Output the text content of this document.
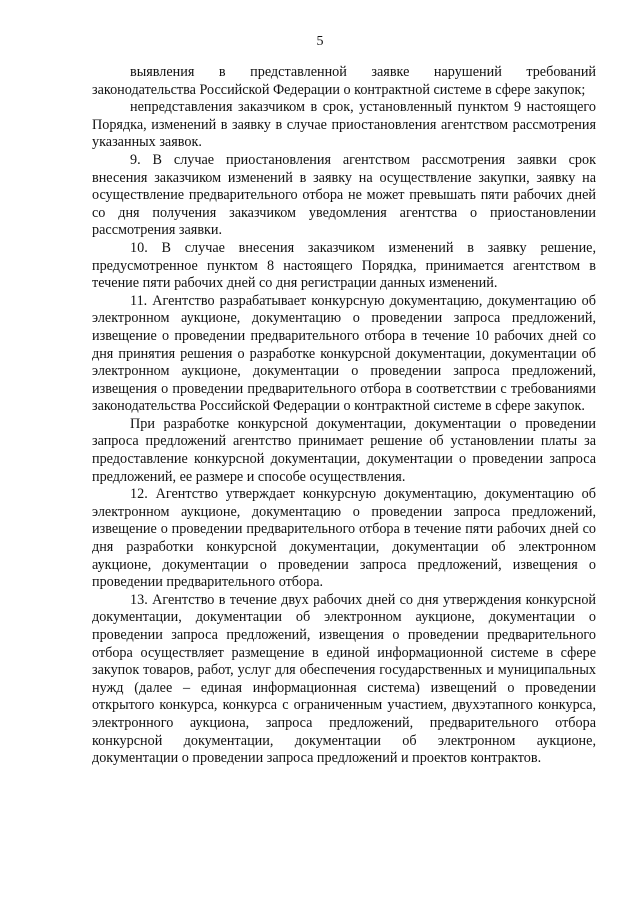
5

выявления в представленной заявке нарушений требований законодательства Российской Федерации о контрактной системе в сфере закупок;

непредставления заказчиком в срок, установленный пунктом 9 настоящего Порядка, изменений в заявку в случае приостановления агентством рассмотрения указанных заявок.

9. В случае приостановления агентством рассмотрения заявки срок внесения заказчиком изменений в заявку на осуществление закупки, заявку на осуществление предварительного отбора не может превышать пяти рабочих дней со дня получения заказчиком уведомления агентства о приостановлении рассмотрения заявки.

10. В случае внесения заказчиком изменений в заявку решение, предусмотренное пунктом 8 настоящего Порядка, принимается агентством в течение пяти рабочих дней со дня регистрации данных изменений.

11. Агентство разрабатывает конкурсную документацию, документацию об электронном аукционе, документацию о проведении запроса предложений, извещение о проведении предварительного отбора в течение 10 рабочих дней со дня принятия решения о разработке конкурсной документации, документации об электронном аукционе, документации о проведении запроса предложений, извещения о проведении предварительного отбора в соответствии с требованиями законодательства Российской Федерации о контрактной системе в сфере закупок.

При разработке конкурсной документации, документации о проведении запроса предложений агентство принимает решение об установлении платы за предоставление конкурсной документации, документации о проведении запроса предложений, ее размере и способе осуществления.

12. Агентство утверждает конкурсную документацию, документацию об электронном аукционе, документацию о проведении запроса предложений, извещение о проведении предварительного отбора в течение пяти рабочих дней со дня разработки конкурсной документации, документации об электронном аукционе, документации о проведении запроса предложений, извещения о проведении предварительного отбора.

13. Агентство в течение двух рабочих дней со дня утверждения конкурсной документации, документации об электронном аукционе, документации о проведении запроса предложений, извещения о проведении предварительного отбора осуществляет размещение в единой информационной системе в сфере закупок товаров, работ, услуг для обеспечения государственных и муниципальных нужд (далее – единая информационная система) извещений о проведении открытого конкурса, конкурса с ограниченным участием, двухэтапного конкурса, электронного аукциона, запроса предложений, предварительного отбора конкурсной документации, документации об электронном аукционе, документации о проведении запроса предложений и проектов контрактов.
